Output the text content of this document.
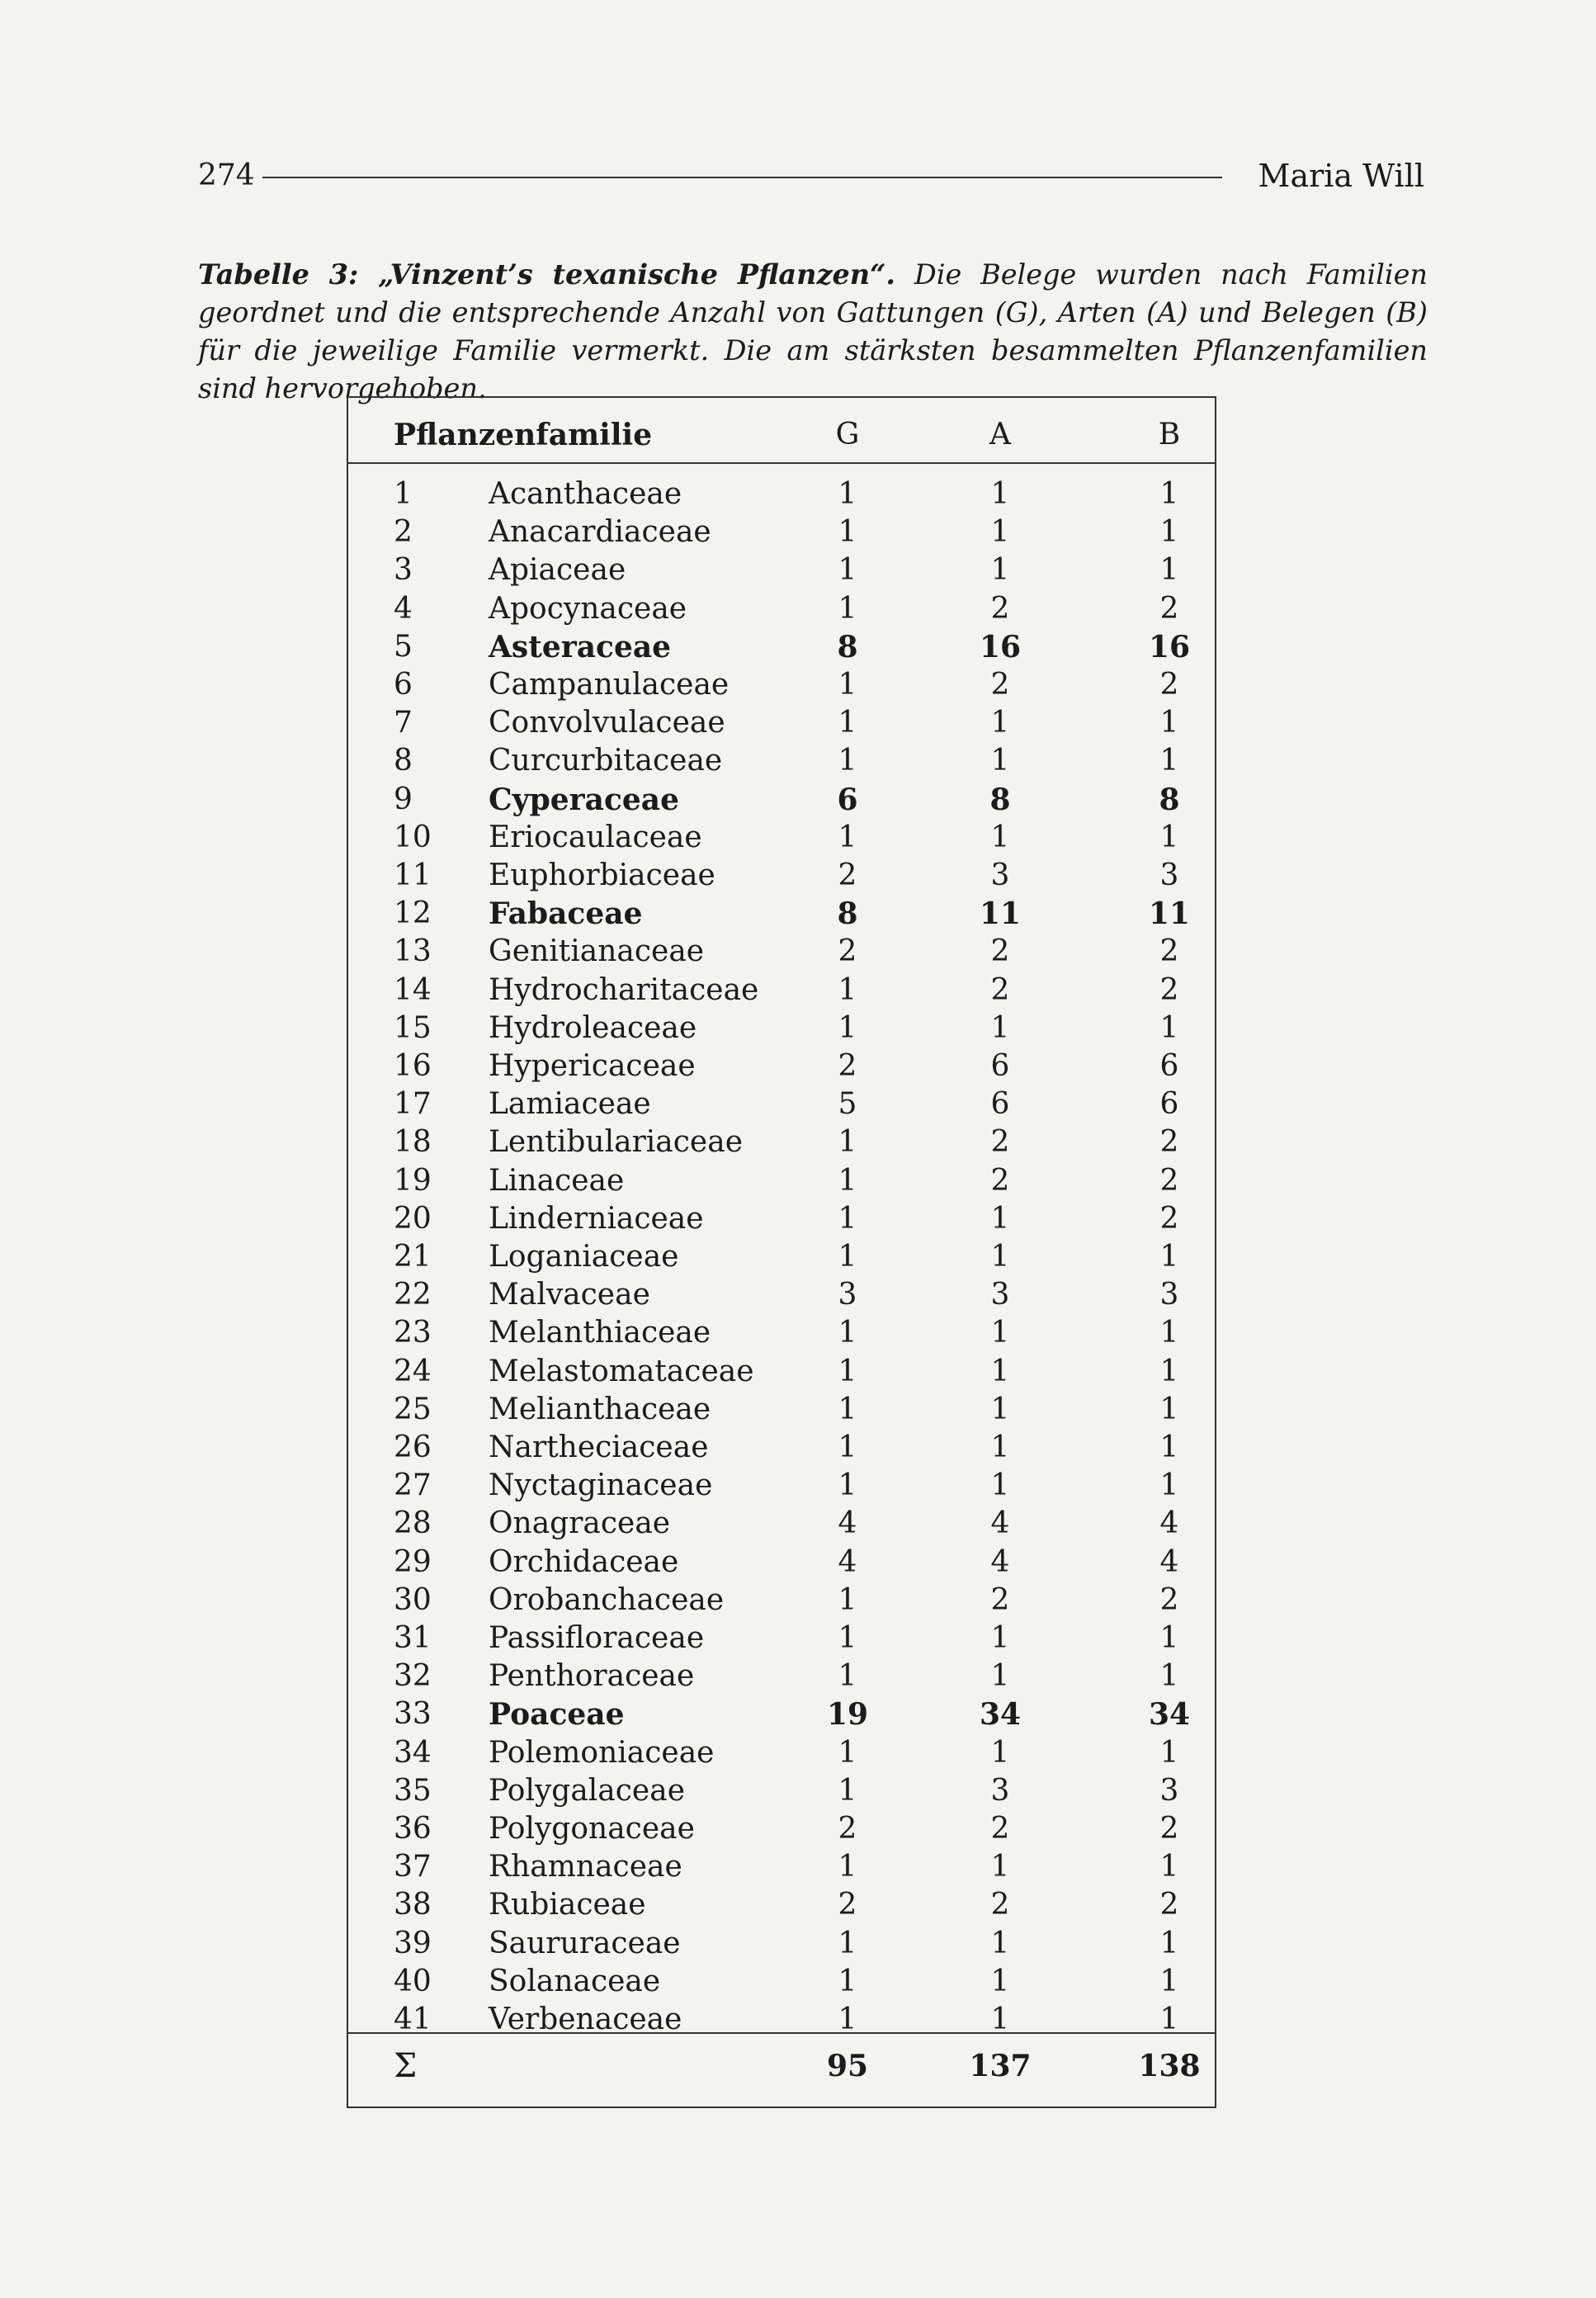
274	Maria Will
Tabelle 3: „Vinzent’s texanische Pflanzen“. Die Belege wurden nach Familien geordnet und die entsprechende Anzahl von Gattungen (G), Arten (A) und Belegen (B) für die jeweilige Familie vermerkt. Die am stärksten besammelten Pflanzenfamilien sind hervorgehoben.
Pflanzenfamilie	G	A	B
1	Acanthaceae	1	1	1
2	Anacardiaceae	1	1	1
3	Apiaceae	1	1	1
4	Apocynaceae	1	2	2
5	Asteraceae	8	16	16
6	Campanulaceae	1	2	2
7	Convolvulaceae	1	1	1
8	Curcurbitaceae	1	1	1
9	Cyperaceae	6	8	8
10 Eriocaulaceae	1	1	1
11 Euphorbiaceae	2	3	3
12 Fabaceae	8	11	11
13 Genitianaceae	2	2	2
14 Hydrocharitaceae	1	2	2
15 Hydroleaceae	1	1	1
16 Hypericaceae	2	6	6
17 Lamiaceae	5	6	6
18 Lentibulariaceae	1	2	2
19 Linaceae	1	2	2
20 Linderniaceae	1	1	2
21 Loganiaceae	1	1	1
22 Malvaceae	3	3	3
23 Melanthiaceae	1	1	1
24 Melastomataceae	1	1	1
25 Melianthaceae	1	1	1
26 Nartheciaceae	1	1	1
27 Nyctaginaceae	1	1	1
28 Onagraceae	4	4	4
29 Orchidaceae	4	4	4
30 Orobanchaceae	1	2	2
31 Passifloraceae	1	1	1
32 Penthoraceae	1	1	1
33 Poaceae	19	34	34
34 Polemoniaceae	1	1	1
35 Polygalaceae	1	3	3
36 Polygonaceae	2	2	2
37 Rhamnaceae	1	1	1
38 Rubiaceae	2	2	2
39 Saururaceae	1	1	1
40 Solanaceae	1	1	1
41 Verbenaceae	1	1	1
Σ	95	137	138
